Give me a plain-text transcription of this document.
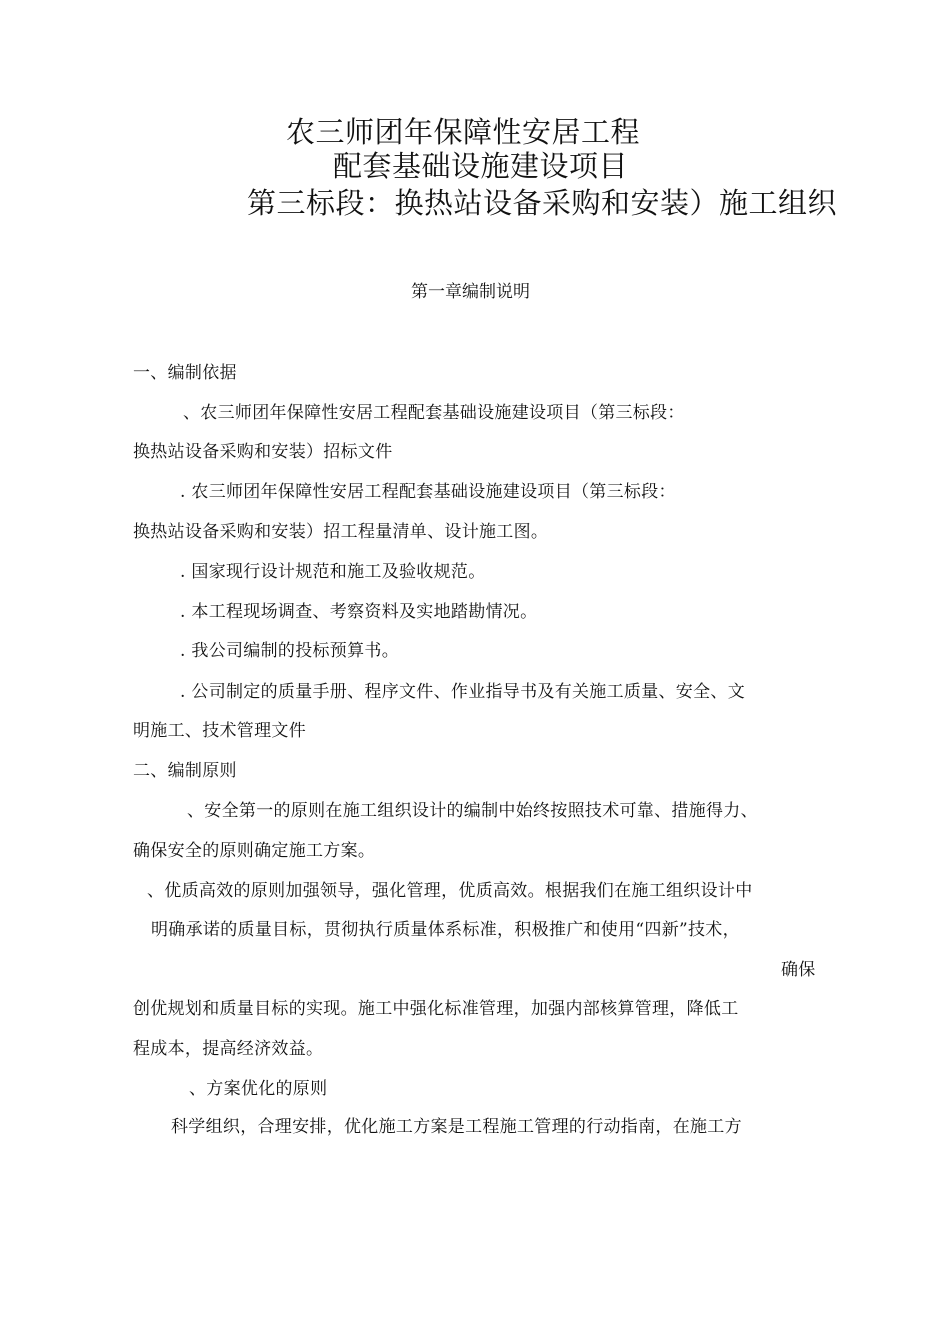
农三师团年保障性安居工程
配套基础设施建设项目
第三标段：换热站设备采购和安装）施工组织
第一章编制说明
一、编制依据
、农三师团年保障性安居工程配套基础设施建设项目（第三标段：
换热站设备采购和安装）招标文件
. 农三师团年保障性安居工程配套基础设施建设项目（第三标段：
换热站设备采购和安装）招工程量清单、设计施工图。
. 国家现行设计规范和施工及验收规范。
. 本工程现场调查、考察资料及实地踏勘情况。
. 我公司编制的投标预算书。
. 公司制定的质量手册、程序文件、作业指导书及有关施工质量、安全、文
明施工、技术管理文件
二、编制原则
、安全第一的原则在施工组织设计的编制中始终按照技术可靠、措施得力、
确保安全的原则确定施工方案。
、优质高效的原则加强领导，强化管理，优质高效。根据我们在施工组织设计中
明确承诺的质量目标，贯彻执行质量体系标准，积极推广和使用“四新”技术，
确保
创优规划和质量目标的实现。施工中强化标准管理，加强内部核算管理，降低工
程成本，提高经济效益。
、方案优化的原则
科学组织，合理安排，优化施工方案是工程施工管理的行动指南，在施工方
